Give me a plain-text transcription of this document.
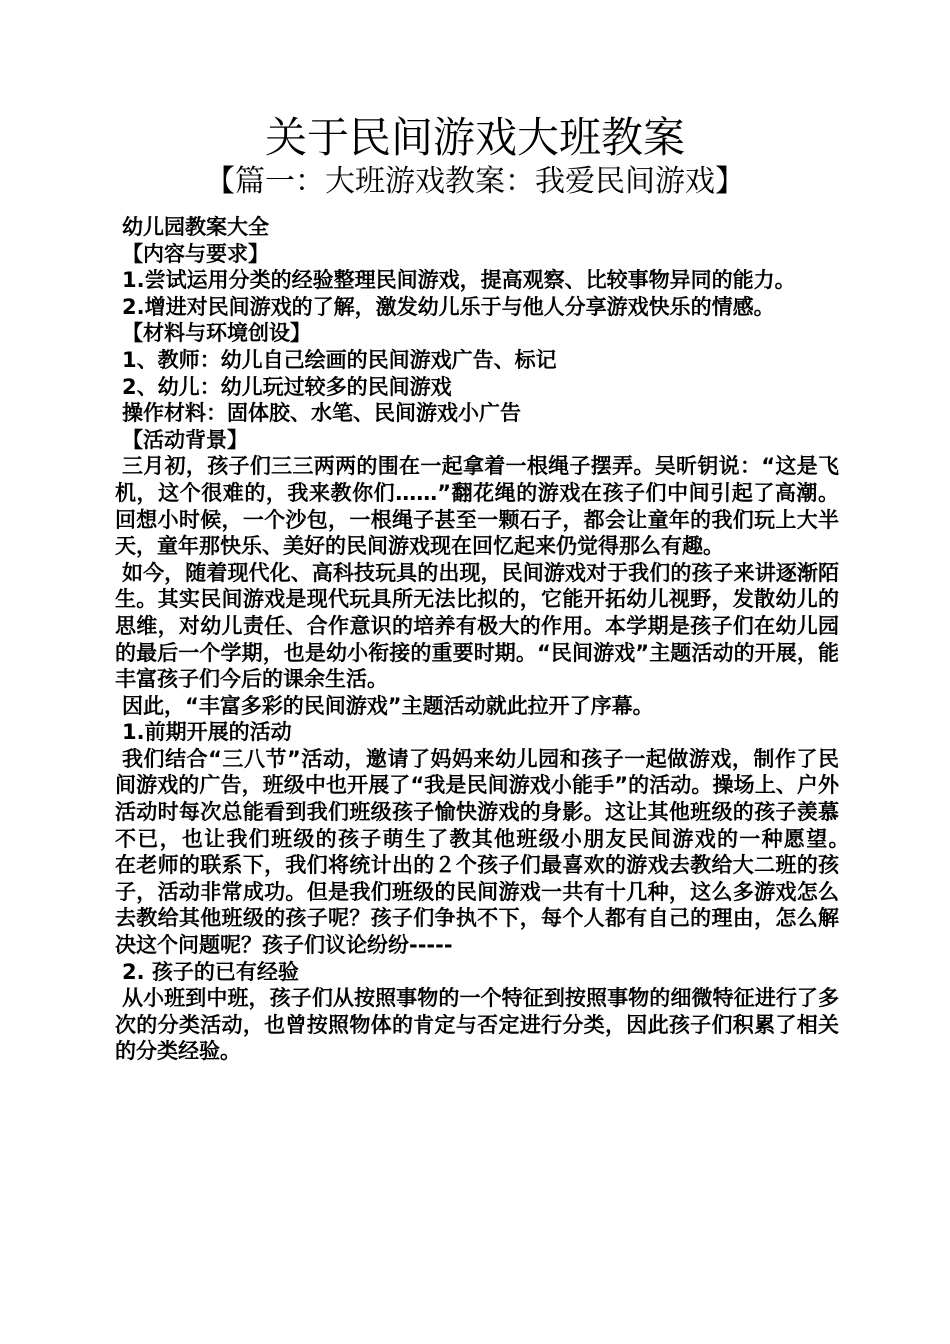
关于民间游戏大班教案
【篇一：大班游戏教案：我爱民间游戏】

幼儿园教案大全

【内容与要求】

1.尝试运用分类的经验整理民间游戏，提高观察、比较事物异同的能力。

2.增进对民间游戏的了解，激发幼儿乐于与他人分享游戏快乐的情感。

【材料与环境创设】

1、教师：幼儿自己绘画的民间游戏广告、标记

2、幼儿：幼儿玩过较多的民间游戏

操作材料：固体胶、水笔、民间游戏小广告

【活动背景】

三月初，孩子们三三两两的围在一起拿着一根绳子摆弄。吴昕钥说：“这是飞机，这个很难的，我来教你们……”翻花绳的游戏在孩子们中间引起了高潮。回想小时候，一个沙包，一根绳子甚至一颗石子，都会让童年的我们玩上大半天，童年那快乐、美好的民间游戏现在回忆起来仍觉得那么有趣。

如今，随着现代化、高科技玩具的出现，民间游戏对于我们的孩子来讲逐渐陌生。其实民间游戏是现代玩具所无法比拟的，它能开拓幼儿视野，发散幼儿的思维，对幼儿责任、合作意识的培养有极大的作用。本学期是孩子们在幼儿园的最后一个学期，也是幼小衔接的重要时期。“民间游戏”主题活动的开展，能丰富孩子们今后的课余生活。

因此，“丰富多彩的民间游戏”主题活动就此拉开了序幕。

1.前期开展的活动

我们结合“三八节”活动，邀请了妈妈来幼儿园和孩子一起做游戏，制作了民间游戏的广告，班级中也开展了“我是民间游戏小能手”的活动。操场上、户外活动时每次总能看到我们班级孩子愉快游戏的身影。这让其他班级的孩子羡慕不已，也让我们班级的孩子萌生了教其他班级小朋友民间游戏的一种愿望。　在老师的联系下，我们将统计出的２个孩子们最喜欢的游戏去教给大二班的孩子，活动非常成功。但是我们班级的民间游戏一共有十几种，这么多游戏怎么去教给其他班级的孩子呢？孩子们争执不下，每个人都有自己的理由，怎么解决这个问题呢？孩子们议论纷纷-----

2. 孩子的已有经验

从小班到中班，孩子们从按照事物的一个特征到按照事物的细微特征进行了多次的分类活动，也曾按照物体的肯定与否定进行分类，因此孩子们积累了相关的分类经验。
